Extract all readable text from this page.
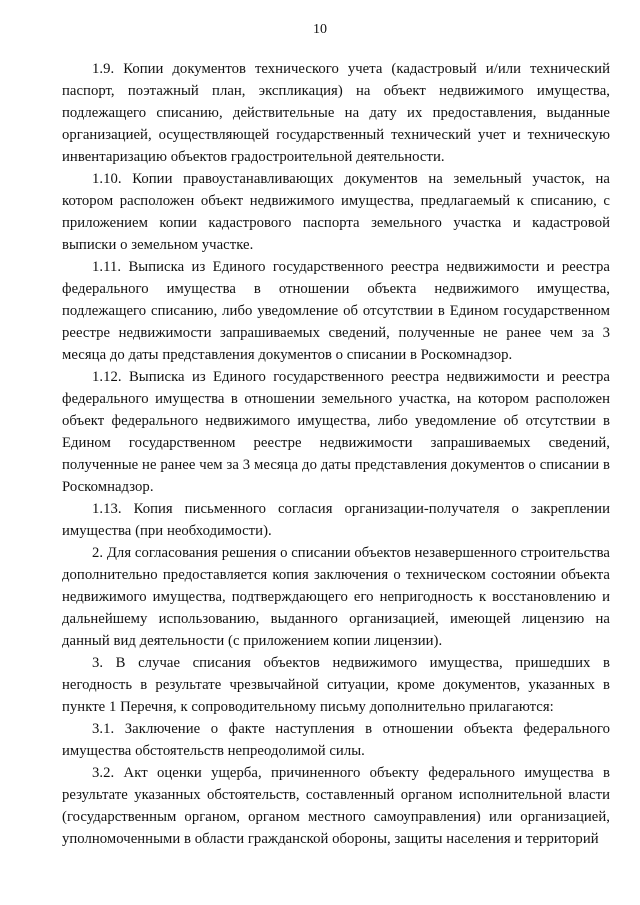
10

1.9. Копии документов технического учета (кадастровый и/или технический паспорт, поэтажный план, экспликация) на объект недвижимого имущества, подлежащего списанию, действительные на дату их предоставления, выданные организацией, осуществляющей государственный технический учет и техническую инвентаризацию объектов градостроительной деятельности.

1.10. Копии правоустанавливающих документов на земельный участок, на котором расположен объект недвижимого имущества, предлагаемый к списанию, с приложением копии кадастрового паспорта земельного участка и кадастровой выписки о земельном участке.

1.11. Выписка из Единого государственного реестра недвижимости и реестра федерального имущества в отношении объекта недвижимого имущества, подлежащего списанию, либо уведомление об отсутствии в Едином государственном реестре недвижимости запрашиваемых сведений, полученные не ранее чем за 3 месяца до даты представления документов о списании в Роскомнадзор.

1.12. Выписка из Единого государственного реестра недвижимости и реестра федерального имущества в отношении земельного участка, на котором расположен объект федерального недвижимого имущества, либо уведомление об отсутствии в Едином государственном реестре недвижимости запрашиваемых сведений, полученные не ранее чем за 3 месяца до даты представления документов о списании в Роскомнадзор.

1.13. Копия письменного согласия организации-получателя о закреплении имущества (при необходимости).

2. Для согласования решения о списании объектов незавершенного строительства дополнительно предоставляется копия заключения о техническом состоянии объекта недвижимого имущества, подтверждающего его непригодность к восстановлению и дальнейшему использованию, выданного организацией, имеющей лицензию на данный вид деятельности (с приложением копии лицензии).

3. В случае списания объектов недвижимого имущества, пришедших в негодность в результате чрезвычайной ситуации, кроме документов, указанных в пункте 1 Перечня, к сопроводительному письму дополнительно прилагаются:

3.1. Заключение о факте наступления в отношении объекта федерального имущества обстоятельств непреодолимой силы.

3.2. Акт оценки ущерба, причиненного объекту федерального имущества в результате указанных обстоятельств, составленный органом исполнительной власти (государственным органом, органом местного самоуправления) или организацией, уполномоченными в области гражданской обороны, защиты населения и территорий
